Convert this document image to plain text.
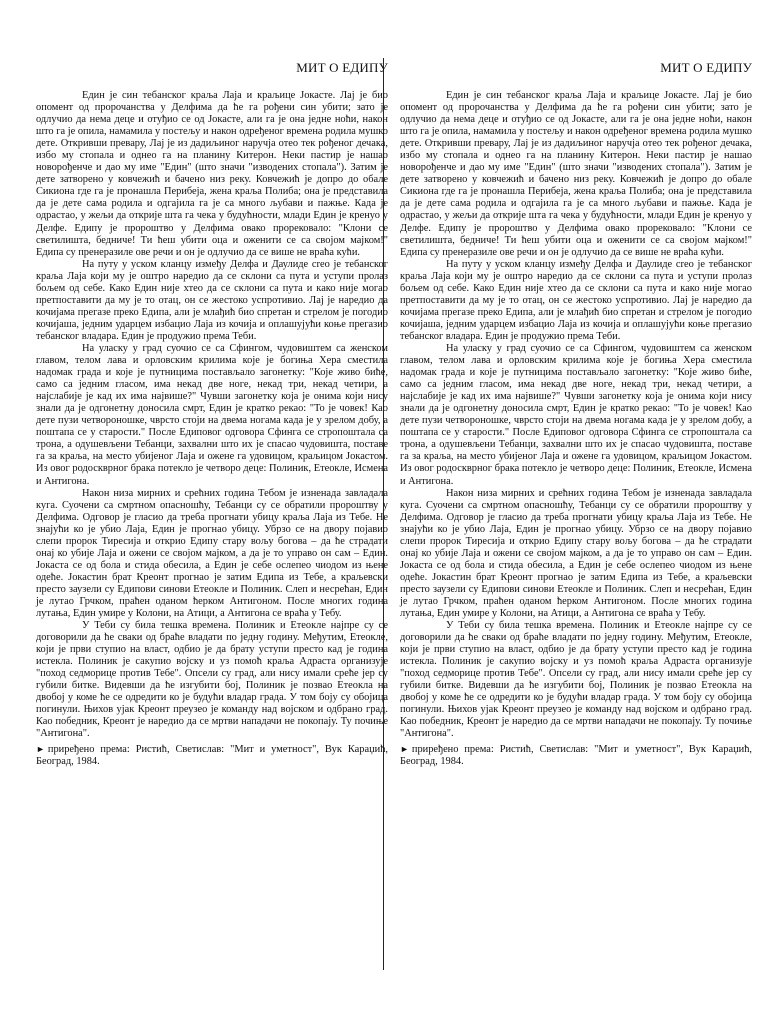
МИТ О ЕДИПУ

Един је син тебанског краља Лаја и краљице Јокасте. Лај је био опомент од пророчанства у Делфима да ће га рођени син убити; зато је одлучио да нема деце и отуђио се од Јокасте, али га је она једне ноћи, након што га је опила, намамила у постељу и након одређеног времена родила мушко дете. Откривши превару, Лај је из дадиљиног наручја отео тек рођеног дечака, избо му стопала и однео га на планину Китерон. Неки пастир је нашао новорођенче и дао му име "Един" (што значи "изводених стопала"). Затим је дете затворено у ковчежић и бачено низ реку. Ковчежић је допро до обале Сикиона где га је пронашла Перибеја, жена краља Полиба; она је представила да је дете сама родила и одгајила га је са много љубави и пажње. Када је одрастао, у жељи да открије шта га чека у будућности, млади Един је кренуо у Делфе. Едипу је пророштво у Делфима овако прорековало: "Клони се светилишта, бедниче! Ти ћеш убити оца и оженити се са својом мајком!" Едипа су пренеразиле ове речи и он је одлучио да се више не враћа кући.

На путу у уском кланцу између Делфа и Даулиде сreo је тебанског краља Лаја који му је оштро наредио да се склони са пута и уступи пролаз бољем од себе. Како Един није хтео да се склони са пута и како није могао претпоставити да му је то отац, он се жестоко успротивио. Лај је наредио да кочијама прегазе преко Едипа, али је млађић био спретан и стрелом је погодио кочијаша, једним ударцем избацио Лаја из кочија и оплашујући коње прегазио тебанског владара. Един је продужио према Теби.

На уласку у град суочио се са Сфингом, чудовиштем са женском главом, телом лава и орловским крилима које је богиња Хера сместила надомак града и које је путницима постављало загонетку: "Које живо биће, само са једним гласом, има некад две ноге, некад три, некад четири, а најслабије је кад их има највише?" Чувши загонетку која је онима који нису знали да је одгонетну доносила смрт, Един је кратко рекао: "То је човек! Као дете пузи четвороношке, чврсто стоји на двема ногама када је у зрелом добу, а поштапа се у старости." После Едиповог одговора Сфинга се стропоштала са трона, а одушевљени Тебанци, захвални што их је спасао чудовишта, поставе га за краља, на место убијеног Лаја и ожене га удовицом, краљицом Јокастом. Из овог родоскврног брака потекло је четворо деце: Полиник, Етеокле, Исмена и Антигона.

Након низа мирних и срећних година Тебом је изненада завладала куга. Суочени са смртном опасношћу, Тебанци су се обратили пророштву у Делфима. Одговор је гласио да треба прогнати убицу краља Лаја из Тебе. Не знајући ко је убио Лаја, Един је прогнао убицу. Убрзо се на двору појавио слепи пророк Тиресија и открио Едипу стару вољу богова – да ће страдати онај ко убије Лаја и ожени се својом мајком, а да је то управо он сам – Един. Јокаста се од бола и стида обесила, а Един је себе ослепео чиодом из њене одеће. Јокастин брат Креонт прогнао је затим Едипа из Тебе, а краљевски престо заузели су Едипови синови Етеокле и Полиник. Слеп и несрећан, Един је лутао Грчком, праћен оданом ћерком Антигоном. После многих година лутања, Един умире у Колони, на Атици, а Антигона се враћа у Тебу.

У Теби су била тешка времена. Полиник и Етеокле најпре су се договорили да ће сваки од браће владати по једну годину. Међутим, Етеокле, који је први ступио на власт, одбио је да брату уступи престо кад је година истекла. Полиник је сакупио војску и уз помоћ краља Адраста организује "поход седморице против Тебе". Опсели су град, али нису имали среће јер су губили битке. Видевши да ће изгубити бој, Полиник је позвао Етеокла на двобој у коме ће се одредити ко је будући владар града. У том боју су обојица погинули. Њихов ујак Креонт преузео је команду над војском и одбрано град. Као победник, Креонт је наредио да се мртви нападачи не покопају. Ту почиње "Антигона".

► приређено према: Ристић, Светислав: "Мит и уметност", Вук Караџић, Београд, 1984.
МИТ О ЕДИПУ

Един је син тебанског краља Лаја и краљице Јокасте. Лај је био опомент од пророчанства у Делфима да ће га рођени син убити; зато је одлучио да нема деце и отуђио се од Јокасте, али га је она једне ноћи, након што га је опила, намамила у постељу и након одређеног времена родила мушко дете. Откривши превару, Лај је из дадиљиног наручја отео тек рођеног дечака, избо му стопала и однео га на планину Китерон. Неки пастир је нашао новорођенче и дао му име "Един" (што значи "изводених стопала"). Затим је дете затворено у ковчежић и бачено низ реку. Ковчежић је допро до обале Сикиона где га је пронашла Перибеја, жена краља Полиба; она је представила да је дете сама родила и одгајила га је са много љубави и пажње. Када је одрастао, у жељи да открије шта га чека у будућности, млади Един је кренуо у Делфе. Едипу је пророштво у Делфима овако прорековало: "Клони се светилишта, бедниче! Ти ћеш убити оца и оженити се са својом мајком!" Едипа су пренеразиле ове речи и он је одлучио да се више не враћа кући.

На путу у уском кланцу између Делфа и Даулиде сreo је тебанског краља Лаја који му је оштро наредио да се склони са пута и уступи пролаз бољем од себе. Како Един није хтео да се склони са пута и како није могао претпоставити да му је то отац, он се жестоко успротивио. Лај је наредио да кочијама прегазе преко Едипа, али је млађић био спретан и стрелом је погодио кочијаша, једним ударцем избацио Лаја из кочија и оплашујући коње прегазио тебанског владара. Един је продужио према Теби.

На уласку у град суочио се са Сфингом, чудовиштем са женском главом, телом лава и орловским крилима које је богиња Хера сместила надомак града и које је путницима постављало загонетку: "Које живо биће, само са једним гласом, има некад две ноге, некад три, некад четири, а најслабије је кад их има највише?" Чувши загонетку која је онима који нису знали да је одгонетну доносила смрт, Един је кратко рекао: "То је човек! Као дете пузи четвороношке, чврсто стоји на двема ногама када је у зрелом добу, а поштапа се у старости." После Едиповог одговора Сфинга се стропоштала са трона, а одушевљени Тебанци, захвални што их је спасао чудовишта, поставе га за краља, на место убијеног Лаја и ожене га удовицом, краљицом Јокастом. Из овог родоскврног брака потекло је четворо деце: Полиник, Етеокле, Исмена и Антигона.

Након низа мирних и срећних година Тебом је изненада завладала куга. Суочени са смртном опасношћу, Тебанци су се обратили пророштву у Делфима. Одговор је гласио да треба прогнати убицу краља Лаја из Тебе. Не знајући ко је убио Лаја, Един је прогнао убицу. Убрзо се на двору појавио слепи пророк Тиресија и открио Едипу стару вољу богова – да ће страдати онај ко убије Лаја и ожени се својом мајком, а да је то управо он сам – Един. Јокаста се од бола и стида обесила, а Един је себе ослепео чиодом из њене одеће. Јокастин брат Креонт прогнао је затим Едипа из Тебе, а краљевски престо заузели су Едипови синови Етеокле и Полиник. Слеп и несрећан, Един је лутао Грчком, праћен оданом ћерком Антигоном. После многих година лутања, Един умире у Колони, на Атици, а Антигона се враћа у Тебу.

У Теби су била тешка времена. Полиник и Етеокле најпре су се договорили да ће сваки од браће владати по једну годину. Међутим, Етеокле, који је први ступио на власт, одбио је да брату уступи престо кад је година истекла. Полиник је сакупио војску и уз помоћ краља Адраста организује "поход седморице против Тебе". Опсели су град, али нису имали среће јер су губили битке. Видевши да ће изгубити бој, Полиник је позвао Етеокла на двобој у коме ће се одредити ко је будући владар града. У том боју су обојица погинули. Њихов ујак Креонт преузео је команду над војском и одбрано град. Као победник, Креонт је наредио да се мртви нападачи не покопају. Ту почиње "Антигона".

► приређено према: Ристић, Светислав: "Мит и уметност", Вук Караџић, Београд, 1984.
